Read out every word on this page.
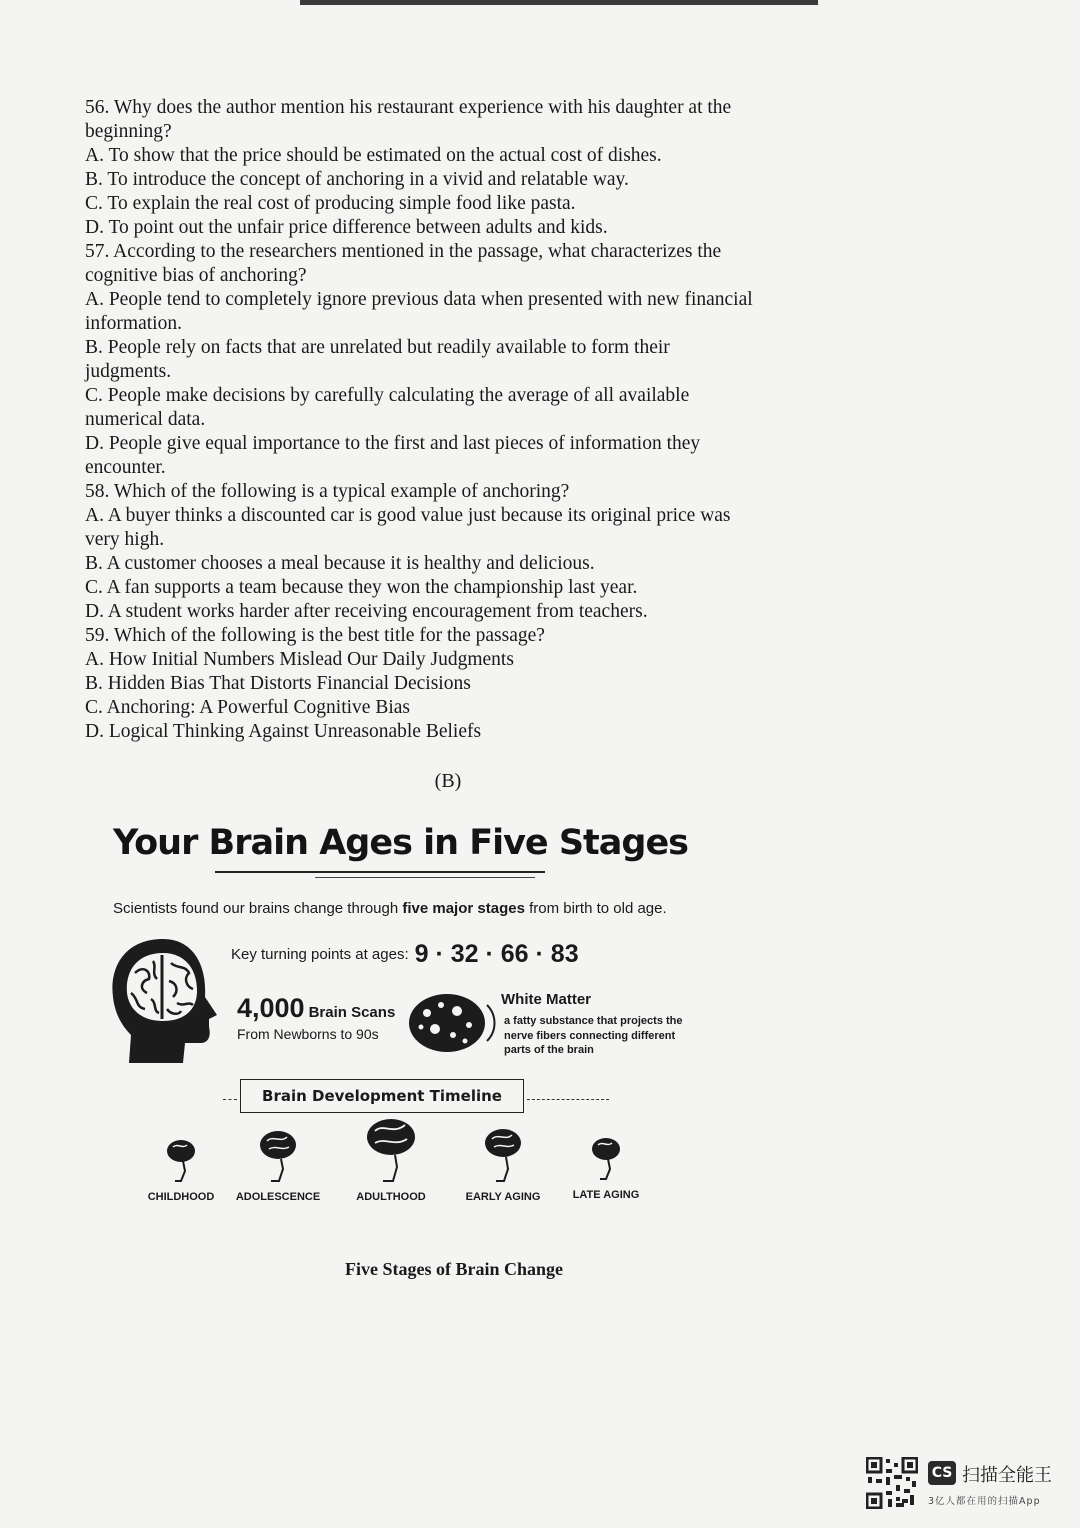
56. Why does the author mention his restaurant experience with his daughter at the
beginning?
A. To show that the price should be estimated on the actual cost of dishes.
B. To introduce the concept of anchoring in a vivid and relatable way.
C. To explain the real cost of producing simple food like pasta.
D. To point out the unfair price difference between adults and kids.
57. According to the researchers mentioned in the passage, what characterizes the
cognitive bias of anchoring?
A. People tend to completely ignore previous data when presented with new financial
information.
B. People rely on facts that are unrelated but readily available to form their
judgments.
C. People make decisions by carefully calculating the average of all available
numerical data.
D. People give equal importance to the first and last pieces of information they
encounter.
58. Which of the following is a typical example of anchoring?
A. A buyer thinks a discounted car is good value just because its original price was
very high.
B. A customer chooses a meal because it is healthy and delicious.
C. A fan supports a team because they won the championship last year.
D. A student works harder after receiving encouragement from teachers.
59. Which of the following is the best title for the passage?
A. How Initial Numbers Mislead Our Daily Judgments
B. Hidden Bias That Distorts Financial Decisions
C. Anchoring: A Powerful Cognitive Bias
D. Logical Thinking Against Unreasonable Beliefs
(B)
Your Brain Ages in Five Stages
Scientists found our brains change through five major stages from birth to old age.
Key turning points at ages: 9 · 32 · 66 · 83
4,000 Brain Scans
From Newborns to 90s
White Matter
a fatty substance that projects the nerve fibers connecting different parts of the brain
Brain Development Timeline
CHILDHOOD	ADOLESCENCE	ADULTHOOD	EARLY AGING	LATE AGING
Five Stages of Brain Change
CS 扫描全能王
3亿人都在用的扫描App
